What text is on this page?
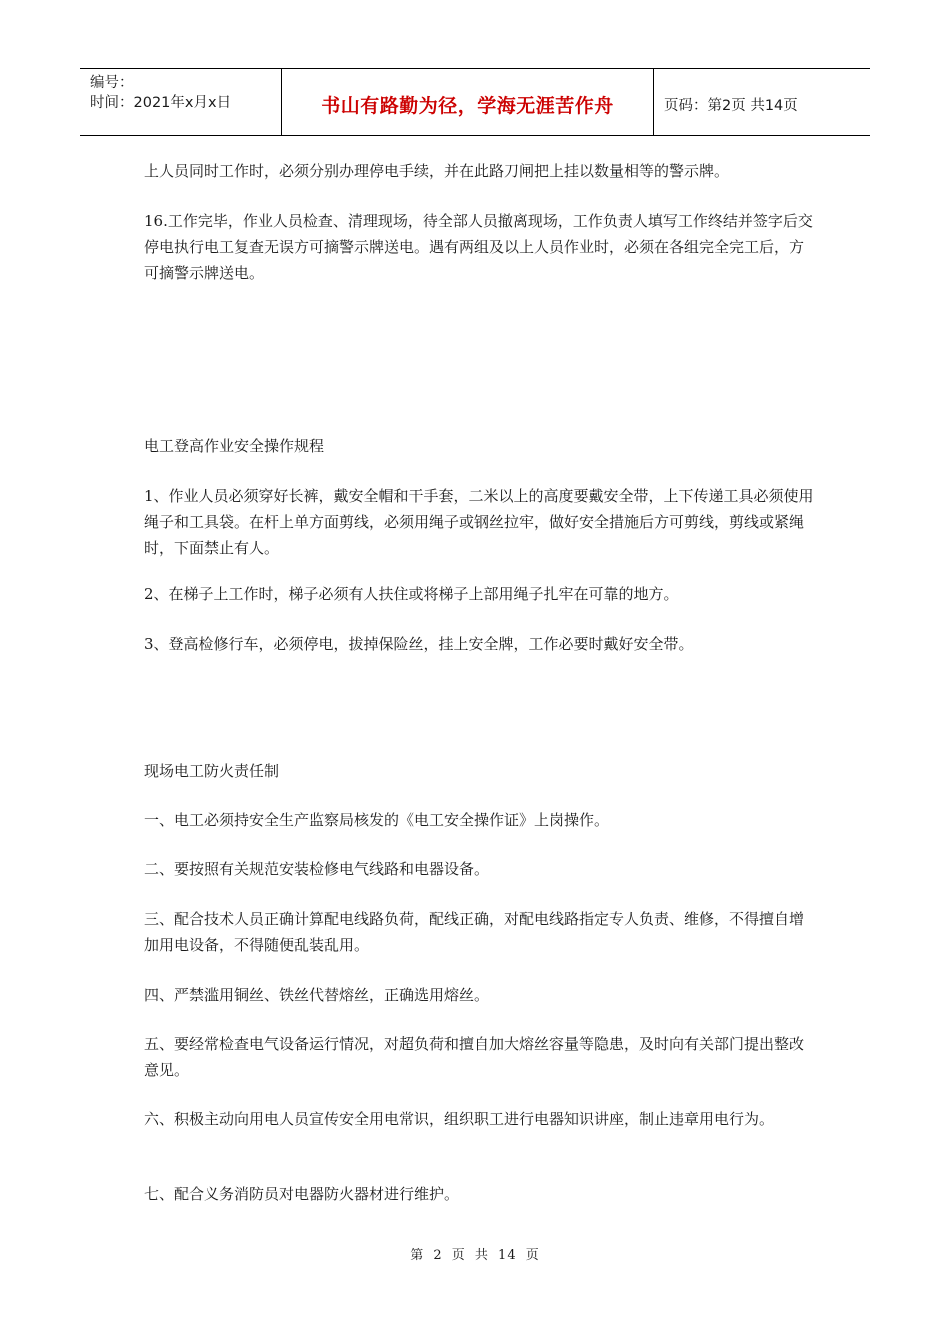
编号：
时间：2021年x月x日	书山有路勤为径，学海无涯苦作舟	页码：第2页 共14页

上人员同时工作时，必须分别办理停电手续，并在此路刀闸把上挂以数量相等的警示牌。

16.工作完毕，作业人员检查、清理现场，待全部人员撤离现场，工作负责人填写工作终结并签字后交停电执行电工复查无误方可摘警示牌送电。遇有两组及以上人员作业时，必须在各组完全完工后，方可摘警示牌送电。

电工登高作业安全操作规程

1、作业人员必须穿好长裤，戴安全帽和干手套，二米以上的高度要戴安全带，上下传递工具必须使用绳子和工具袋。在杆上单方面剪线，必须用绳子或钢丝拉牢，做好安全措施后方可剪线，剪线或紧绳时，下面禁止有人。

2、在梯子上工作时，梯子必须有人扶住或将梯子上部用绳子扎牢在可靠的地方。

3、登高检修行车，必须停电，拔掉保险丝，挂上安全牌，工作必要时戴好安全带。

现场电工防火责任制

一、电工必须持安全生产监察局核发的《电工安全操作证》上岗操作。

二、要按照有关规范安装检修电气线路和电器设备。

三、配合技术人员正确计算配电线路负荷，配线正确，对配电线路指定专人负责、维修，不得擅自增加用电设备，不得随便乱装乱用。

四、严禁滥用铜丝、铁丝代替熔丝，正确选用熔丝。

五、要经常检查电气设备运行情况，对超负荷和擅自加大熔丝容量等隐患，及时向有关部门提出整改意见。

六、积极主动向用电人员宣传安全用电常识，组织职工进行电器知识讲座，制止违章用电行为。

七、配合义务消防员对电器防火器材进行维护。

第 2 页 共 14 页
